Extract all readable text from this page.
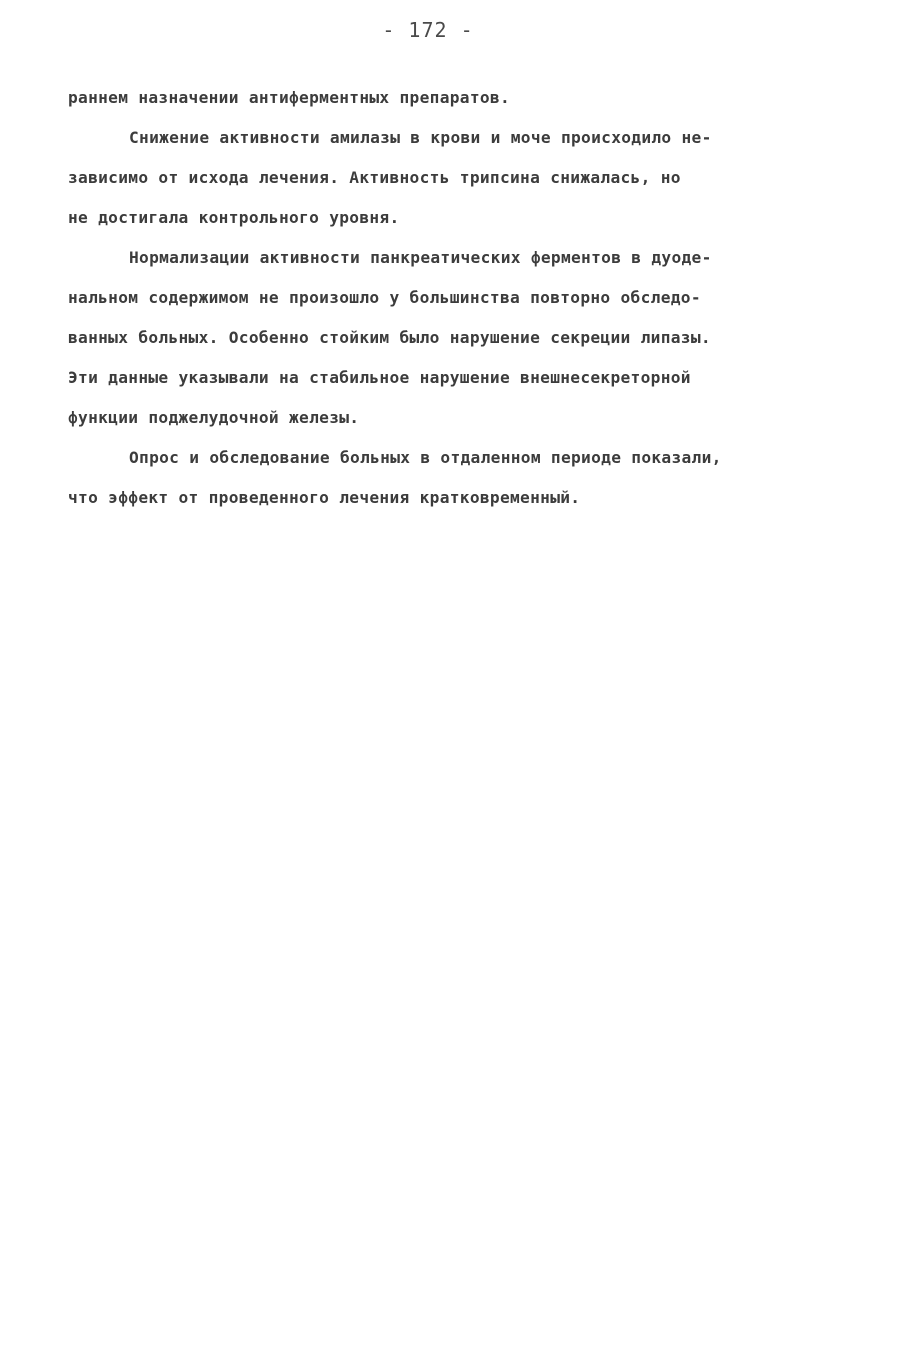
- 172 -
раннем назначении антиферментных препаратов.
Снижение активности амилазы в крови и моче происходило не-
зависимо от исхода лечения. Активность трипсина снижалась, но
не достигала контрольного уровня.
Нормализации активности панкреатических ферментов в дуоде-
нальном содержимом не произошло у большинства повторно обследо-
ванных больных. Особенно стойким было нарушение секреции липазы.
Эти данные указывали на стабильное нарушение внешнесекреторной
функции поджелудочной железы.
Опрос и обследование больных в отдаленном периоде показали,
что эффект от проведенного лечения кратковременный.
